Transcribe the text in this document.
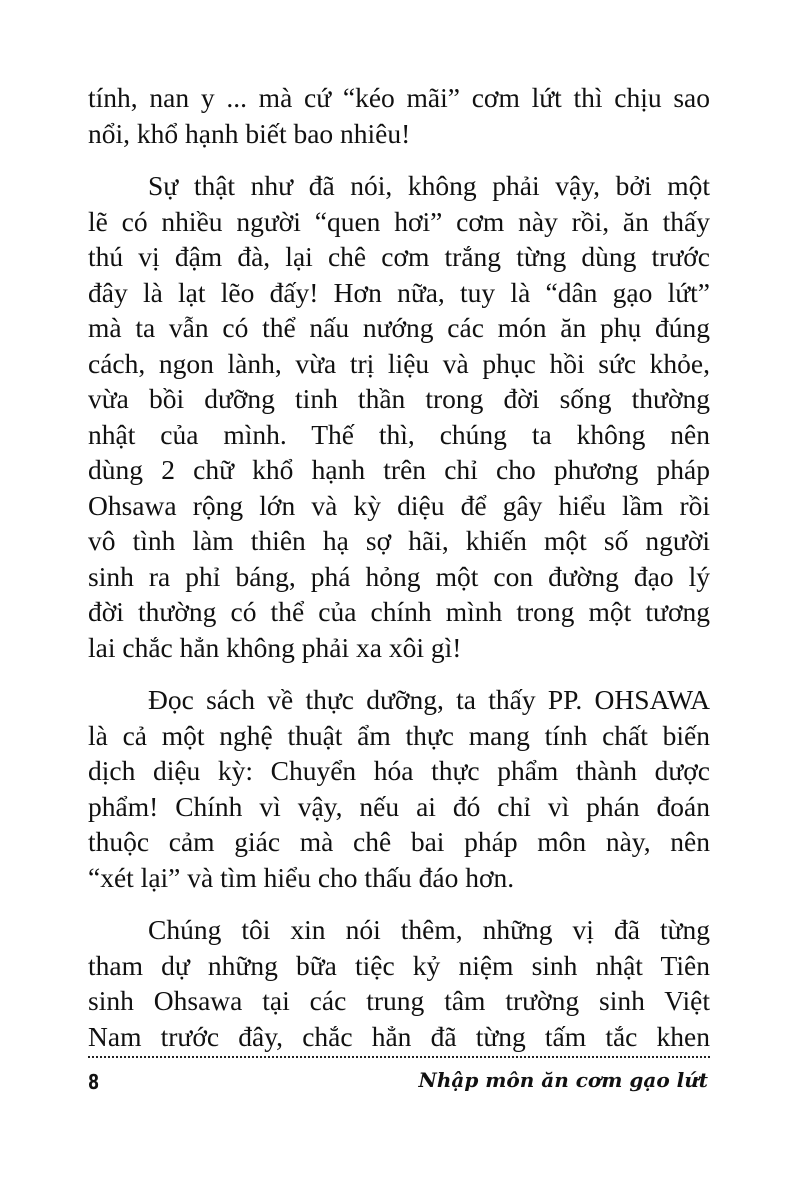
tính, nan y ... mà cứ “kéo mãi” cơm lứt thì chịu sao
nổi, khổ hạnh biết bao nhiêu!
Sự thật như đã nói, không phải vậy, bởi một
lẽ có nhiều người “quen hơi” cơm này rồi, ăn thấy
thú vị đậm đà, lại chê cơm trắng từng dùng trước
đây là lạt lẽo đấy! Hơn nữa, tuy là “dân gạo lứt”
mà ta vẫn có thể nấu nướng các món ăn phụ đúng
cách, ngon lành, vừa trị liệu và phục hồi sức khỏe,
vừa bồi dưỡng tinh thần trong đời sống thường
nhật của mình. Thế thì, chúng ta không nên
dùng 2 chữ khổ hạnh trên chỉ cho phương pháp
Ohsawa rộng lớn và kỳ diệu để gây hiểu lầm rồi
vô tình làm thiên hạ sợ hãi, khiến một số người
sinh ra phỉ báng, phá hỏng một con đường đạo lý
đời thường có thể của chính mình trong một tương
lai chắc hẳn không phải xa xôi gì!
Đọc sách về thực dưỡng, ta thấy PP. OHSAWA
là cả một nghệ thuật ẩm thực mang tính chất biến
dịch diệu kỳ: Chuyển hóa thực phẩm thành dược
phẩm! Chính vì vậy, nếu ai đó chỉ vì phán đoán
thuộc cảm giác mà chê bai pháp môn này, nên
“xét lại” và tìm hiểu cho thấu đáo hơn.
Chúng tôi xin nói thêm, những vị đã từng
tham dự những bữa tiệc kỷ niệm sinh nhật Tiên
sinh Ohsawa tại các trung tâm trường sinh Việt
Nam trước đây, chắc hẳn đã từng tấm tắc khen
8	Nhập môn ăn cơm gạo lứt
